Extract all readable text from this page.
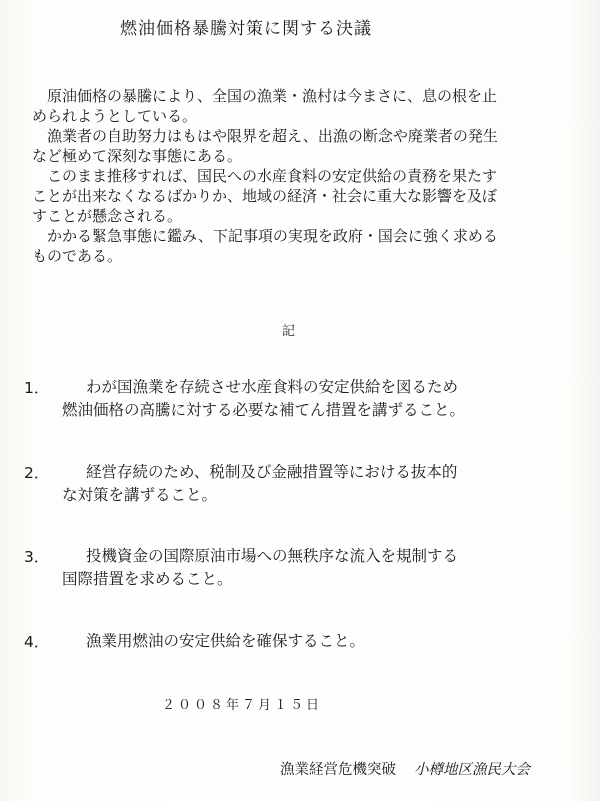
燃油価格暴騰対策に関する決議
　原油価格の暴騰により、全国の漁業・漁村は今まさに、息の根を止
められようとしている。
　漁業者の自助努力はもはや限界を超え、出漁の断念や廃業者の発生
など極めて深刻な事態にある。
　このまま推移すれば、国民への水産食料の安定供給の責務を果たす
ことが出来なくなるばかりか、地域の経済・社会に重大な影響を及ぼ
すことが懸念される。
　かかる緊急事態に鑑み、下記事項の実現を政府・国会に強く求める
ものである。
記
1．	わが国漁業を存続させ水産食料の安定供給を図るため
燃油価格の高騰に対する必要な補てん措置を講ずること。
2．	経営存続のため、税制及び金融措置等における抜本的
な対策を講ずること。
3．	投機資金の国際原油市場への無秩序な流入を規制する
国際措置を求めること。
4．	漁業用燃油の安定供給を確保すること。
２００８年７月１５日
漁業経営危機突破 小樽地区漁民大会
